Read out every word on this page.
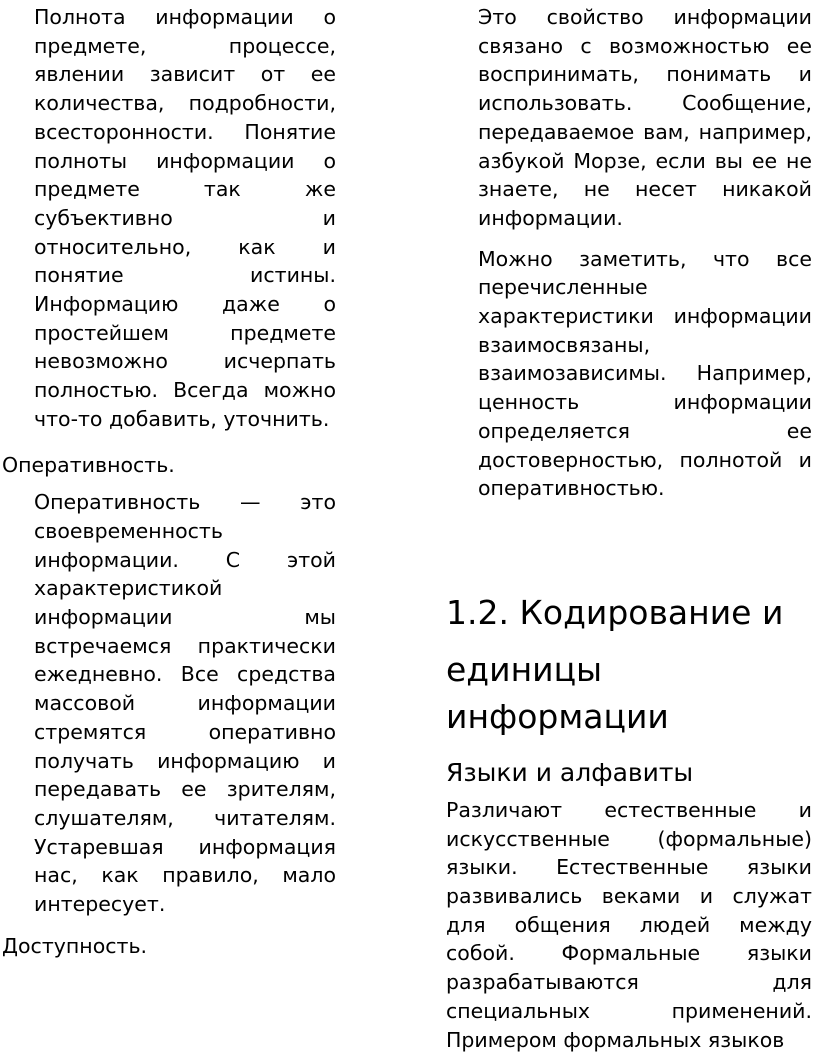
Полнота информации о предмете, процессе, явлении зависит от ее количества, подробности, всесторонности. Понятие полноты информации о предмете так же субъективно и относительно, как и понятие истины. Информацию даже о простейшем предмете невозможно исчерпать полностью. Всегда можно что-то добавить, уточнить.

Оперативность.

Оперативность — это своевременность информации. С этой характеристикой информации мы встречаемся практически ежедневно. Все средства массовой информации стремятся оперативно получать информацию и передавать ее зрителям, слушателям, читателям. Устаревшая информация нас, как правило, мало интересует.

Доступность.

Это свойство информации связано с возможностью ее воспринимать, понимать и использовать. Сообщение, передаваемое вам, например, азбукой Морзе, если вы ее не знаете, не несет никакой информации.

Можно заметить, что все перечисленные характеристики информации взаимосвязаны, взаимозависимы. Например, ценность информации определяется ее достоверностью, полнотой и оперативностью.

1.2. Кодирование и
единицы информации
Языки и алфавиты

Различают естественные и искусственные (формальные) языки. Естественные языки развивались веками и служат для общения людей между собой. Формальные языки разрабатываются для специальных применений. Примером формальных языков
